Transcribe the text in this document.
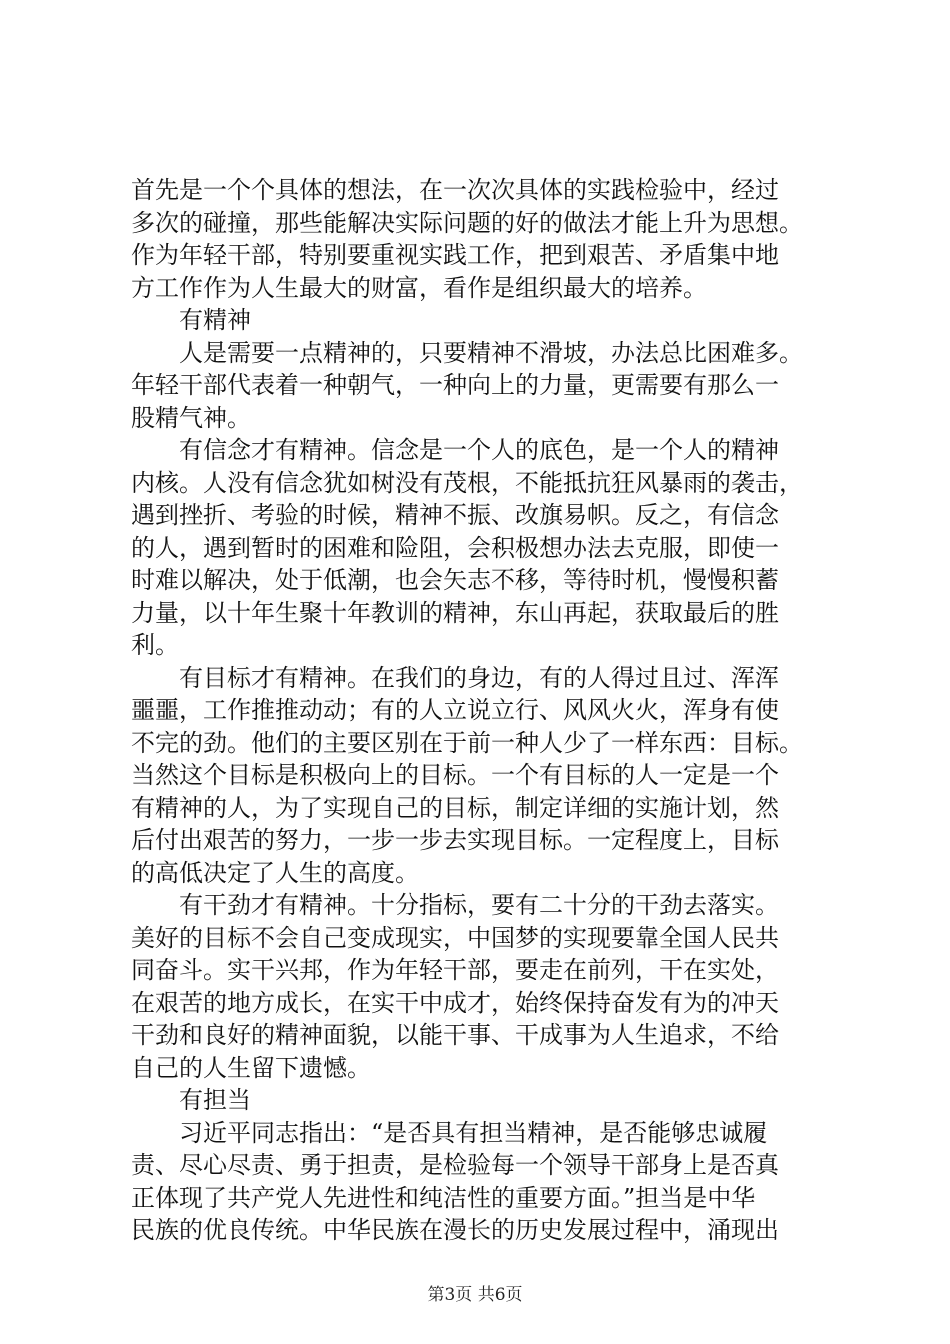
首先是一个个具体的想法，在一次次具体的实践检验中，经过
多次的碰撞，那些能解决实际问题的好的做法才能上升为思想。
作为年轻干部，特别要重视实践工作，把到艰苦、矛盾集中地
方工作作为人生最大的财富，看作是组织最大的培养。
有精神
人是需要一点精神的，只要精神不滑坡，办法总比困难多。
年轻干部代表着一种朝气，一种向上的力量，更需要有那么一
股精气神。
有信念才有精神。信念是一个人的底色，是一个人的精神
内核。人没有信念犹如树没有茂根，不能抵抗狂风暴雨的袭击，
遇到挫折、考验的时候，精神不振、改旗易帜。反之，有信念
的人，遇到暂时的困难和险阻，会积极想办法去克服，即使一
时难以解决，处于低潮，也会矢志不移，等待时机，慢慢积蓄
力量，以十年生聚十年教训的精神，东山再起，获取最后的胜
利。
有目标才有精神。在我们的身边，有的人得过且过、浑浑
噩噩，工作推推动动；有的人立说立行、风风火火，浑身有使
不完的劲。他们的主要区别在于前一种人少了一样东西：目标。
当然这个目标是积极向上的目标。一个有目标的人一定是一个
有精神的人，为了实现自己的目标，制定详细的实施计划，然
后付出艰苦的努力，一步一步去实现目标。一定程度上，目标
的高低决定了人生的高度。
有干劲才有精神。十分指标，要有二十分的干劲去落实。
美好的目标不会自己变成现实，中国梦的实现要靠全国人民共
同奋斗。实干兴邦，作为年轻干部，要走在前列，干在实处，
在艰苦的地方成长，在实干中成才，始终保持奋发有为的冲天
干劲和良好的精神面貌，以能干事、干成事为人生追求，不给
自己的人生留下遗憾。
有担当
习近平同志指出：“是否具有担当精神，是否能够忠诚履
责、尽心尽责、勇于担责，是检验每一个领导干部身上是否真
正体现了共产党人先进性和纯洁性的重要方面。”担当是中华
民族的优良传统。中华民族在漫长的历史发展过程中，涌现出
第3页 共6页
